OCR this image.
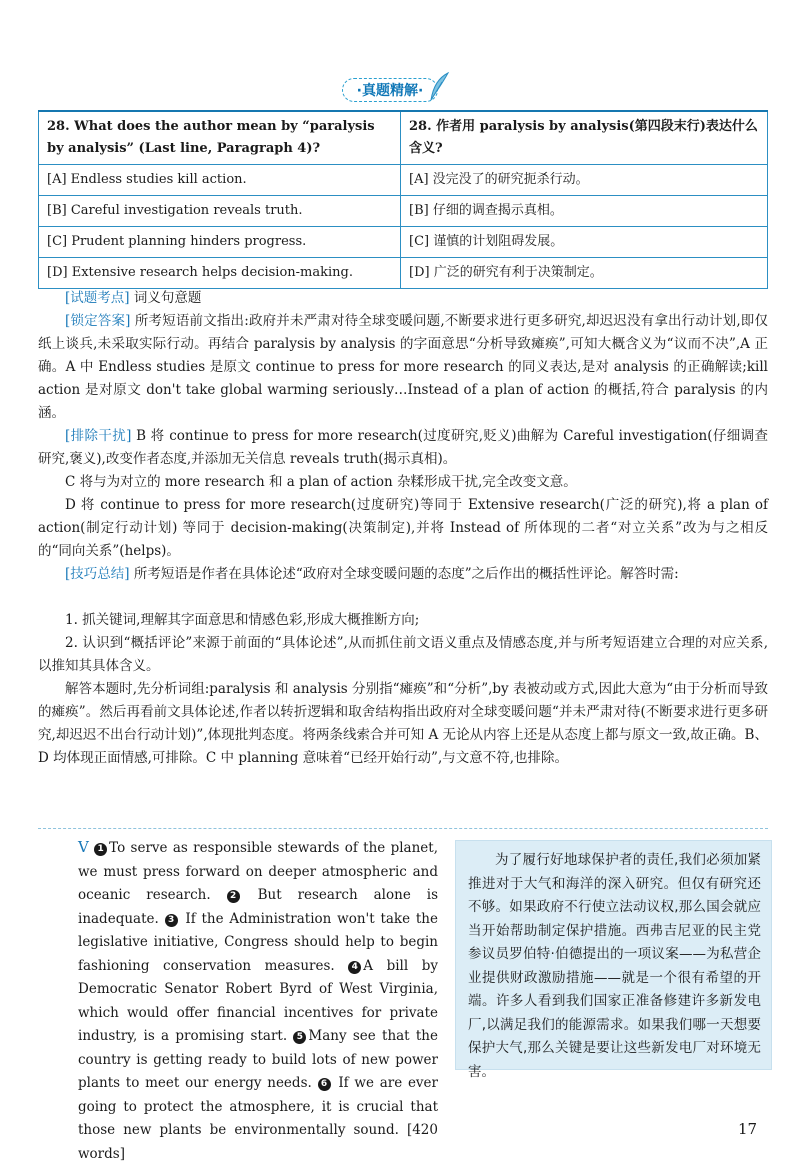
·真题精解·
28. What does the author mean by “paralysis by analysis” (Last line, Paragraph 4)?	28. 作者用 paralysis by analysis(第四段末行)表达什么含义?
[A] Endless studies kill action.	[A] 没完没了的研究扼杀行动。
[B] Careful investigation reveals truth.	[B] 仔细的调查揭示真相。
[C] Prudent planning hinders progress.	[C] 谨慎的计划阻碍发展。
[D] Extensive research helps decision-making.	[D] 广泛的研究有利于决策制定。
[试题考点] 词义句意题
[锁定答案] 所考短语前文指出:政府并未严肃对待全球变暖问题,不断要求进行更多研究,却迟迟没有拿出行动计划,即仅纸上谈兵,未采取实际行动。再结合 paralysis by analysis 的字面意思“分析导致瘫痪”,可知大概含义为“议而不决”,A 正确。A 中 Endless studies 是原文 continue to press for more research 的同义表达,是对 analysis 的正确解读;kill action 是对原文 don't take global warming seriously…Instead of a plan of action 的概括,符合 paralysis 的内涵。
[排除干扰] B 将 continue to press for more research(过度研究,贬义)曲解为 Careful investigation(仔细调查研究,褒义),改变作者态度,并添加无关信息 reveals truth(揭示真相)。
C 将与为对立的 more research 和 a plan of action 杂糅形成干扰,完全改变文意。
D 将 continue to press for more research(过度研究)等同于 Extensive research(广泛的研究),将 a plan of action(制定行动计划) 等同于 decision-making(决策制定),并将 Instead of 所体现的二者“对立关系”改为与之相反的“同向关系”(helps)。
[技巧总结] 所考短语是作者在具体论述“政府对全球变暖问题的态度”之后作出的概括性评论。解答时需:
1. 抓关键词,理解其字面意思和情感色彩,形成大概推断方向;
2. 认识到“概括评论”来源于前面的“具体论述”,从而抓住前文语义重点及情感态度,并与所考短语建立合理的对应关系,以推知其具体含义。
解答本题时,先分析词组:paralysis 和 analysis 分别指“瘫痪”和“分析”,by 表被动或方式,因此大意为“由于分析而导致的瘫痪”。然后再看前文具体论述,作者以转折逻辑和取舍结构指出政府对全球变暖问题“并未严肃对待(不断要求进行更多研究,却迟迟不出台行动计划)”,体现批判态度。将两条线索合并可知 A 无论从内容上还是从态度上都与原文一致,故正确。B、D 均体现正面情感,可排除。C 中 planning 意味着“已经开始行动”,与文意不符,也排除。
V 1 To serve as responsible stewards of the planet, we must press forward on deeper atmospheric and oceanic research. 2 But research alone is inadequate. 3 If the Administration won't take the legislative initiative, Congress should help to begin fashioning conservation measures. 4 A bill by Democratic Senator Robert Byrd of West Virginia, which would offer financial incentives for private industry, is a promising start. 5 Many see that the country is getting ready to build lots of new power plants to meet our energy needs. 6 If we are ever going to protect the atmosphere, it is crucial that those new plants be environmentally sound. [420 words]
为了履行好地球保护者的责任,我们必须加紧推进对于大气和海洋的深入研究。但仅有研究还不够。如果政府不行使立法动议权,那么国会就应当开始帮助制定保护措施。西弗吉尼亚的民主党参议员罗伯特·伯德提出的一项议案——为私营企业提供财政激励措施——就是一个很有希望的开端。许多人看到我们国家正准备修建许多新发电厂,以满足我们的能源需求。如果我们哪一天想要保护大气,那么关键是要让这些新发电厂对环境无害。
17
